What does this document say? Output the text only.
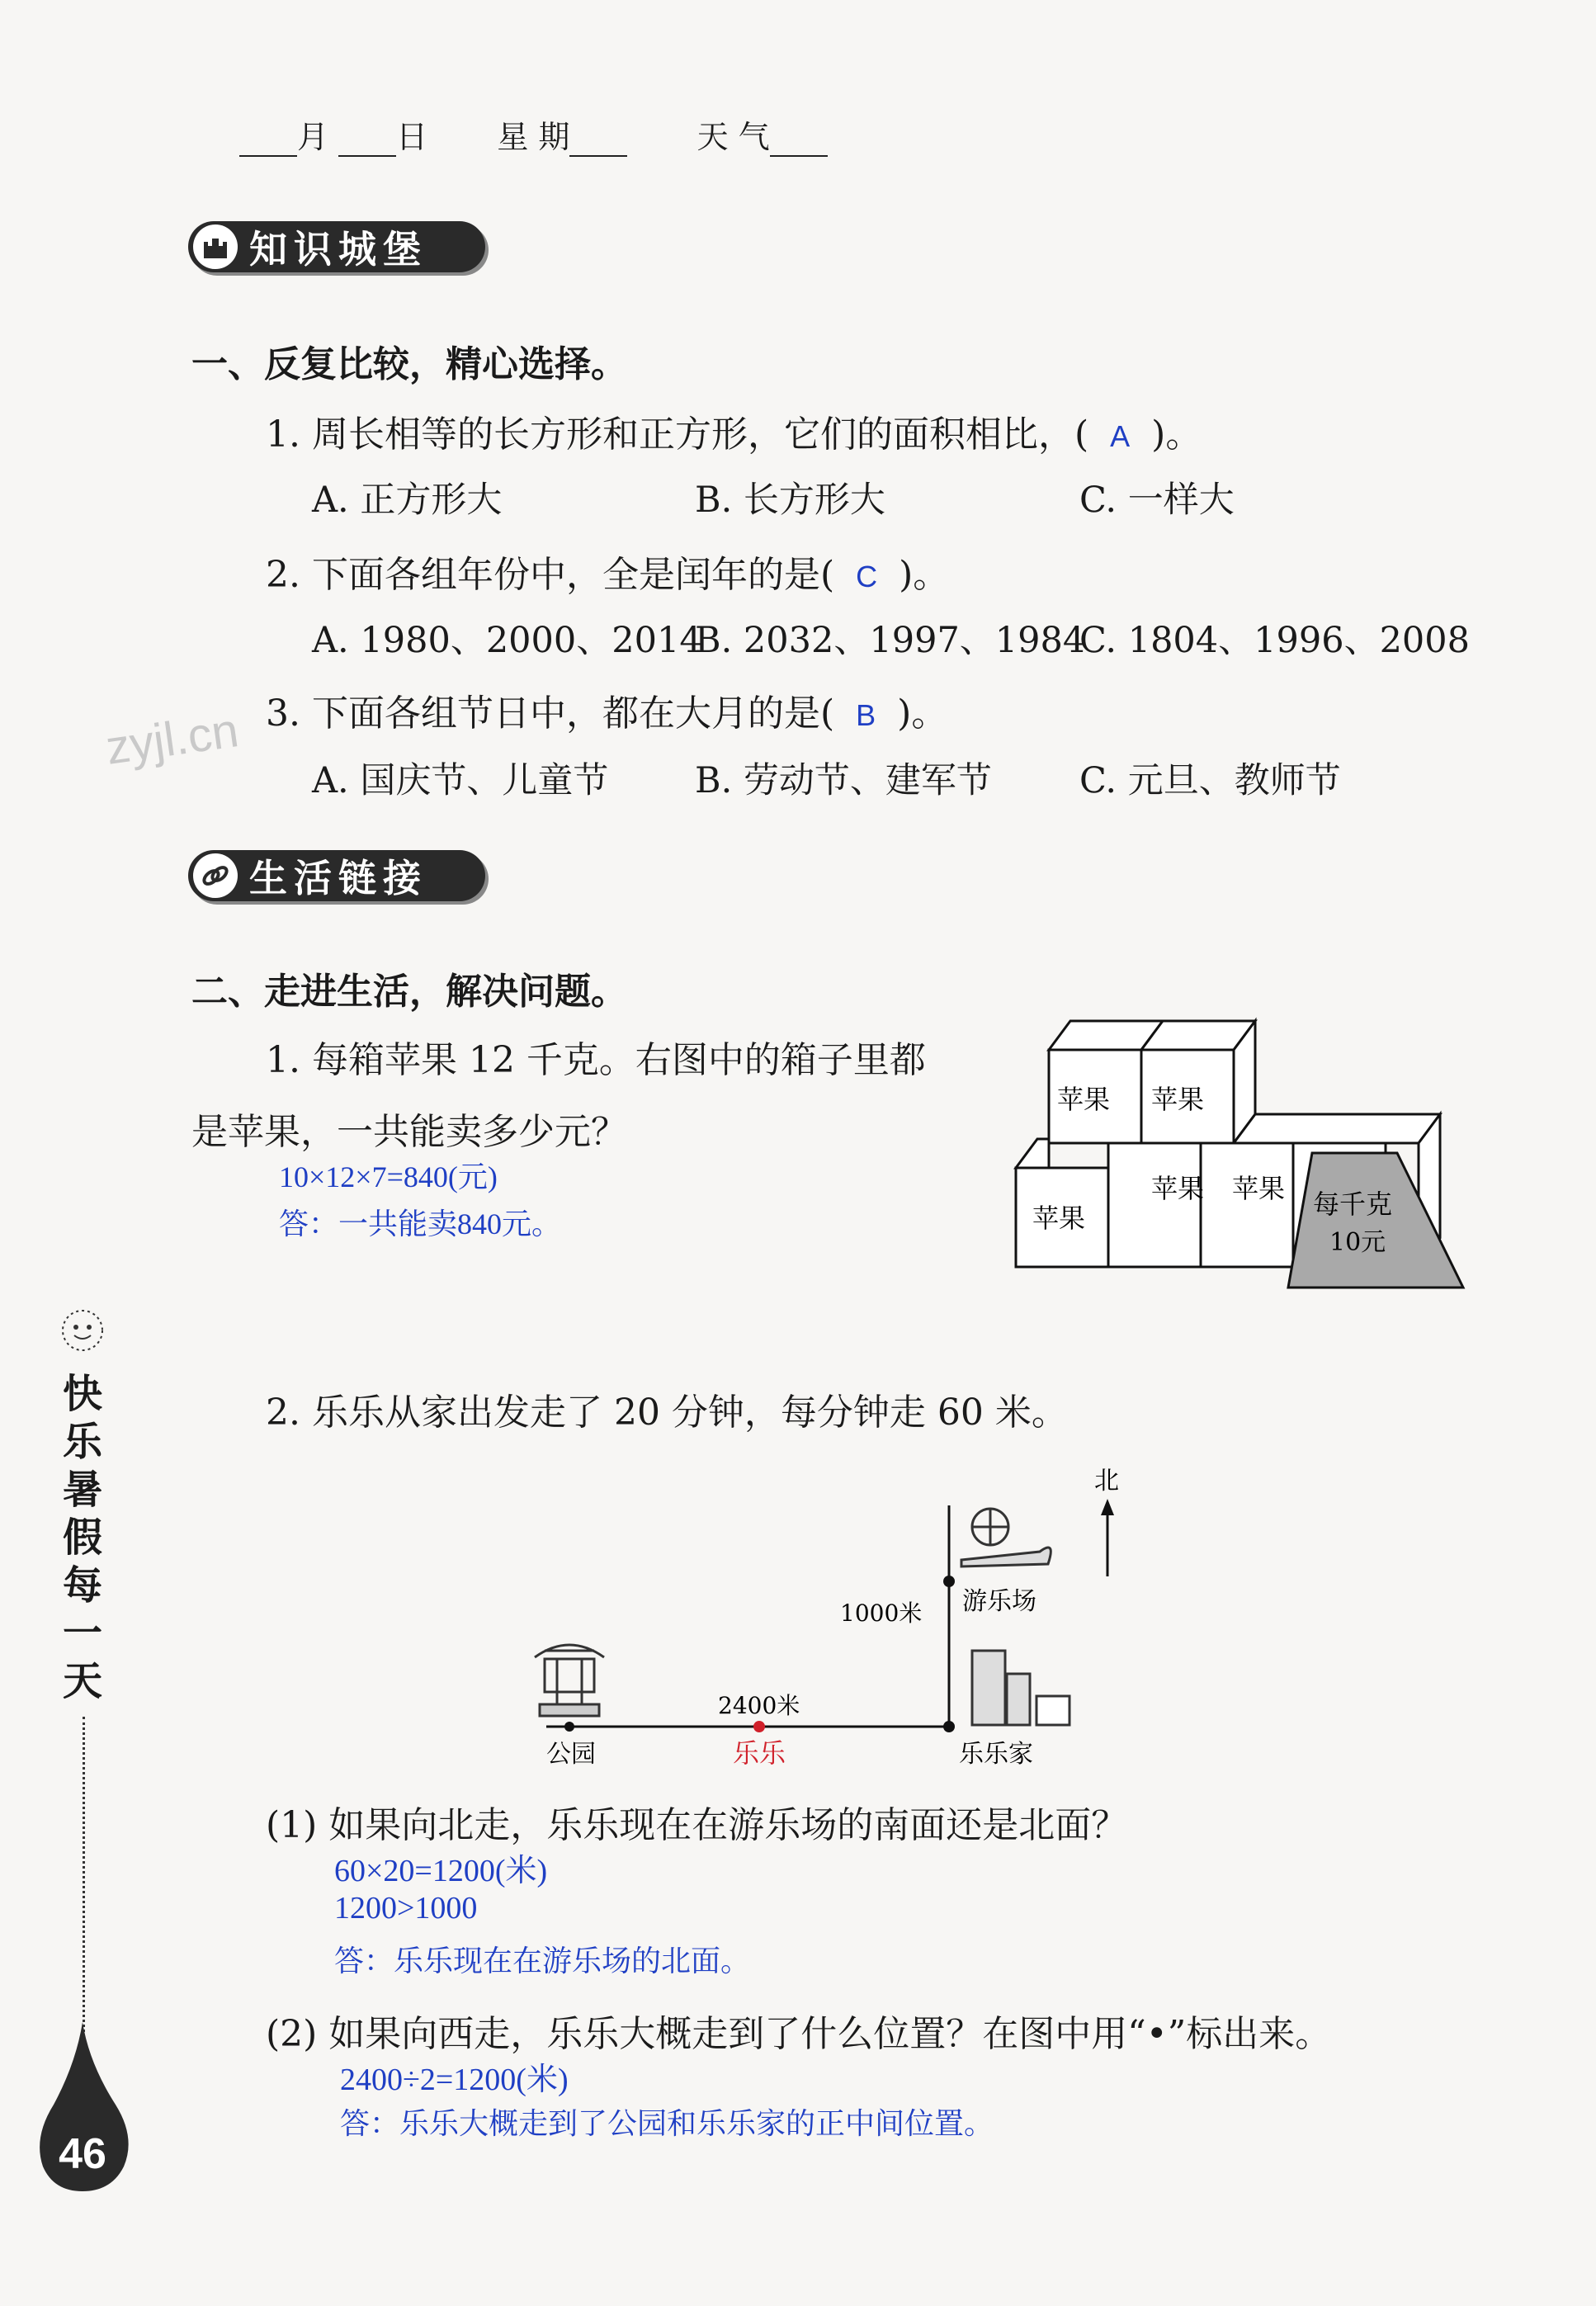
月 日 星 期	天 气
知识城堡
一、反复比较，精心选择。
1. 周长相等的长方形和正方形，它们的面积相比，( A )。
A. 正方形大	B. 长方形大	C. 一样大
2. 下面各组年份中，全是闰年的是( C )。
A. 1980、2000、2014
B. 2032、1997、1984
C. 1804、1996、2008
3. 下面各组节日中，都在大月的是( B )。
A. 国庆节、儿童节 B. 劳动节、建军节 C. 元旦、教师节
zyjl.cn
生活链接
二、走进生活，解决问题。
1. 每箱苹果 12 千克。右图中的箱子里都
是苹果，一共能卖多少元？
10×12×7=840(元)
答：一共能卖840元。
苹果 苹果
苹果
苹果 苹果 每千克
10元
2. 乐乐从家出发走了 20 分钟，每分钟走 60 米。
北
1000米
2400米
公园	乐乐	乐乐家
游乐场
(1) 如果向北走，乐乐现在在游乐场的南面还是北面？
60×20=1200(米)
1200>1000
答：乐乐现在在游乐场的北面。
(2) 如果向西走，乐乐大概走到了什么位置？在图中用“•”标出来。
2400÷2=1200(米)
答：乐乐大概走到了公园和乐乐家的正中间位置。
快
乐
暑
假
每
一
天
46
